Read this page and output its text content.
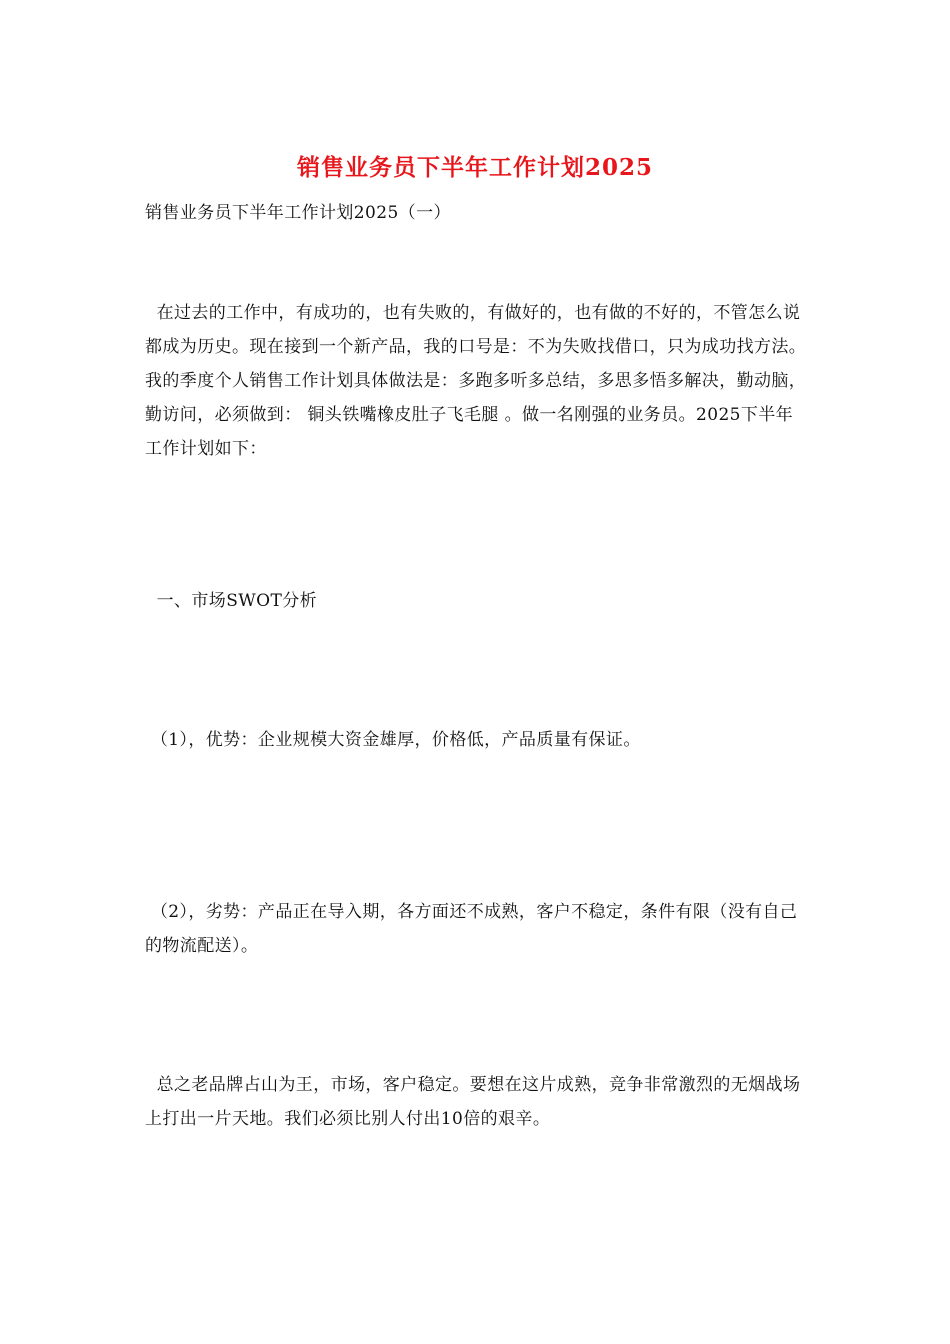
销售业务员下半年工作计划2025

销售业务员下半年工作计划2025（一）

在过去的工作中，有成功的，也有失败的，有做好的，也有做的不好的，不管怎么说都成为历史。现在接到一个新产品，我的口号是：不为失败找借口，只为成功找方法。我的季度个人销售工作计划具体做法是：多跑多听多总结，多思多悟多解决，勤动脑，勤访问，必须做到： 铜头铁嘴橡皮肚子飞毛腿 。做一名刚强的业务员。2025下半年工作计划如下：

一、市场SWOT分析

（1），优势：企业规模大资金雄厚，价格低，产品质量有保证。

（2），劣势：产品正在导入期，各方面还不成熟，客户不稳定，条件有限（没有自己的物流配送）。

总之老品牌占山为王，市场，客户稳定。要想在这片成熟，竞争非常激烈的无烟战场上打出一片天地。我们必须比别人付出10倍的艰辛。
